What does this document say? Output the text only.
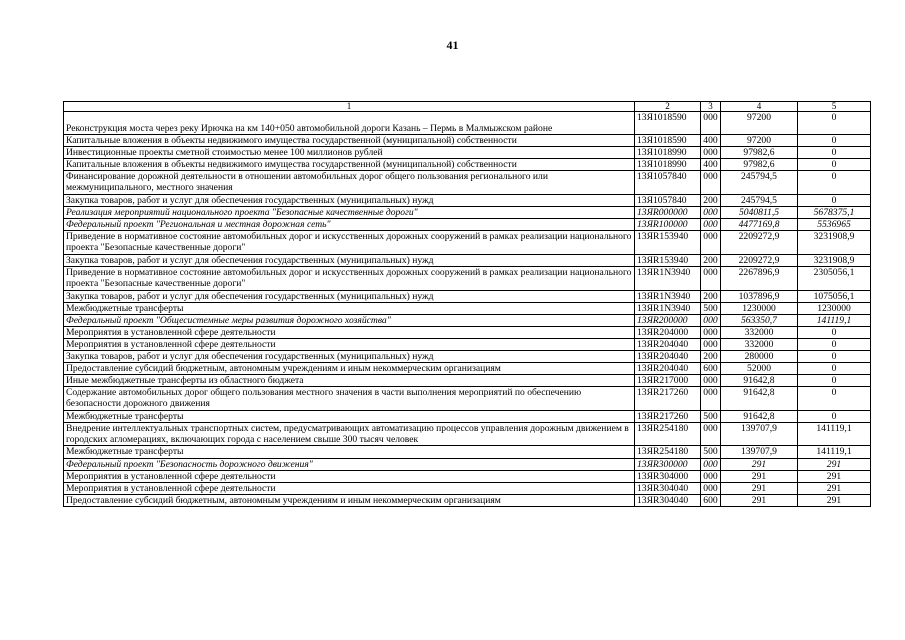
41
1	2	3	4	5
Реконструкция моста через реку Ирючка на км 140+050 автомобильной дороги Казань – Пермь в Малмыжском районе	13Я1018590	000	97200	0
Капитальные вложения в объекты недвижимого имущества государственной (муниципальной) собственности	13Я1018590	400	97200	0
Инвестиционные проекты сметной стоимостью менее 100 миллионов рублей	13Я1018990	000	97982,6	0
Капитальные вложения в объекты недвижимого имущества государственной (муниципальной) собственности	13Я1018990	400	97982,6	0
Финансирование дорожной деятельности в отношении автомобильных дорог общего пользования регионального или межмуниципального, местного значения	13Я1057840	000	245794,5	0
Закупка товаров, работ и услуг для обеспечения государственных (муниципальных) нужд	13Я1057840	200	245794,5	0
Реализация мероприятий национального проекта "Безопасные качественные дороги"	13ЯR000000	000	5040811,5	5678375,1
Федеральный проект "Региональная и местная дорожная сеть"	13ЯR100000	000	4477169,8	5536965
Приведение в нормативное состояние автомобильных дорог и искусственных дорожных сооружений в рамках реализации национального проекта "Безопасные качественные дороги"	13ЯR153940	000	2209272,9	3231908,9
Закупка товаров, работ и услуг для обеспечения государственных (муниципальных) нужд	13ЯR153940	200	2209272,9	3231908,9
Приведение в нормативное состояние автомобильных дорог и искусственных дорожных сооружений в рамках реализации национального проекта "Безопасные качественные дороги"	13ЯR1N3940	000	2267896,9	2305056,1
Закупка товаров, работ и услуг для обеспечения государственных (муниципальных) нужд	13ЯR1N3940	200	1037896,9	1075056,1
Межбюджетные трансферты	13ЯR1N3940	500	1230000	1230000
Федеральный проект "Общесистемные меры развития дорожного хозяйства"	13ЯR200000	000	563350,7	141119,1
Мероприятия в установленной сфере деятельности	13ЯR204000	000	332000	0
Мероприятия в установленной сфере деятельности	13ЯR204040	000	332000	0
Закупка товаров, работ и услуг для обеспечения государственных (муниципальных) нужд	13ЯR204040	200	280000	0
Предоставление субсидий бюджетным, автономным учреждениям и иным некоммерческим организациям	13ЯR204040	600	52000	0
Иные межбюджетные трансферты из областного бюджета	13ЯR217000	000	91642,8	0
Содержание автомобильных дорог общего пользования местного значения в части выполнения мероприятий по обеспечению безопасности дорожного движения	13ЯR217260	000	91642,8	0
Межбюджетные трансферты	13ЯR217260	500	91642,8	0
Внедрение интеллектуальных транспортных систем, предусматривающих автоматизацию процессов управления дорожным движением в городских агломерациях, включающих города с населением свыше 300 тысяч человек	13ЯR254180	000	139707,9	141119,1
Межбюджетные трансферты	13ЯR254180	500	139707,9	141119,1
Федеральный проект "Безопасность дорожного движения"	13ЯR300000	000	291	291
Мероприятия в установленной сфере деятельности	13ЯR304000	000	291	291
Мероприятия в установленной сфере деятельности	13ЯR304040	000	291	291
Предоставление субсидий бюджетным, автономным учреждениям и иным некоммерческим организациям	13ЯR304040	600	291	291
